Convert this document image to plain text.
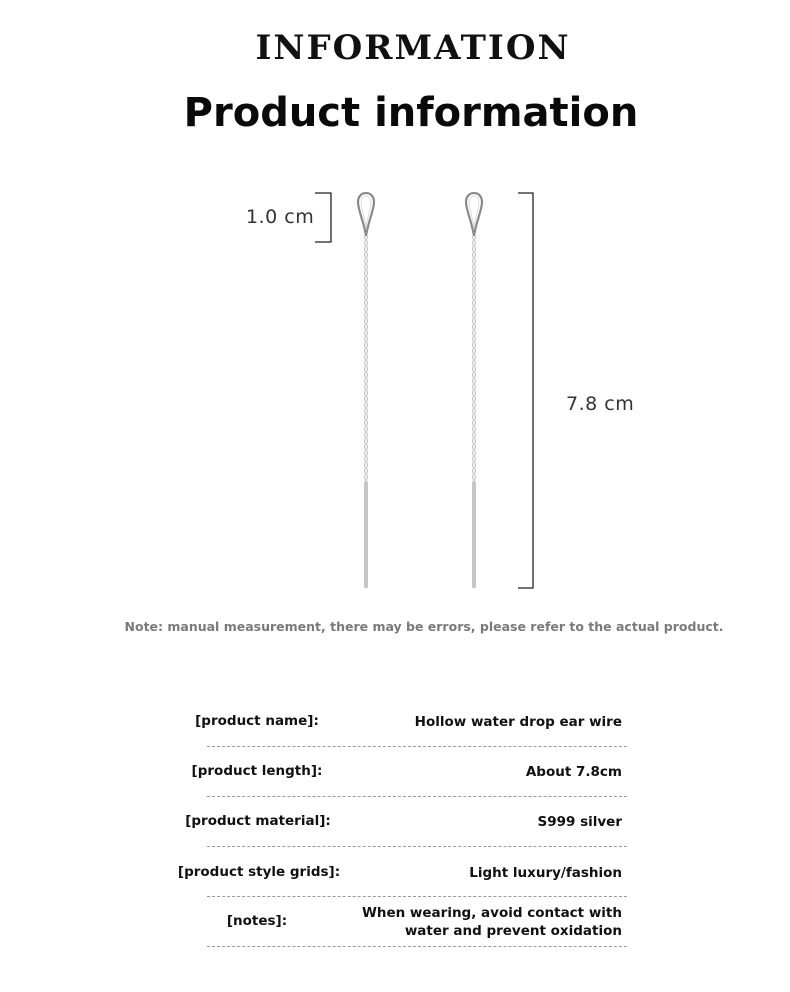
INFORMATION
Product information
1.0 cm
7.8 cm
Note: manual measurement, there may be errors, please refer to the actual product.
[product name]:	Hollow water drop ear wire
[product length]:	About 7.8cm
[product material]:	S999 silver
[product style grids]:	Light luxury/fashion
[notes]:	When wearing, avoid contact with
water and prevent oxidation
